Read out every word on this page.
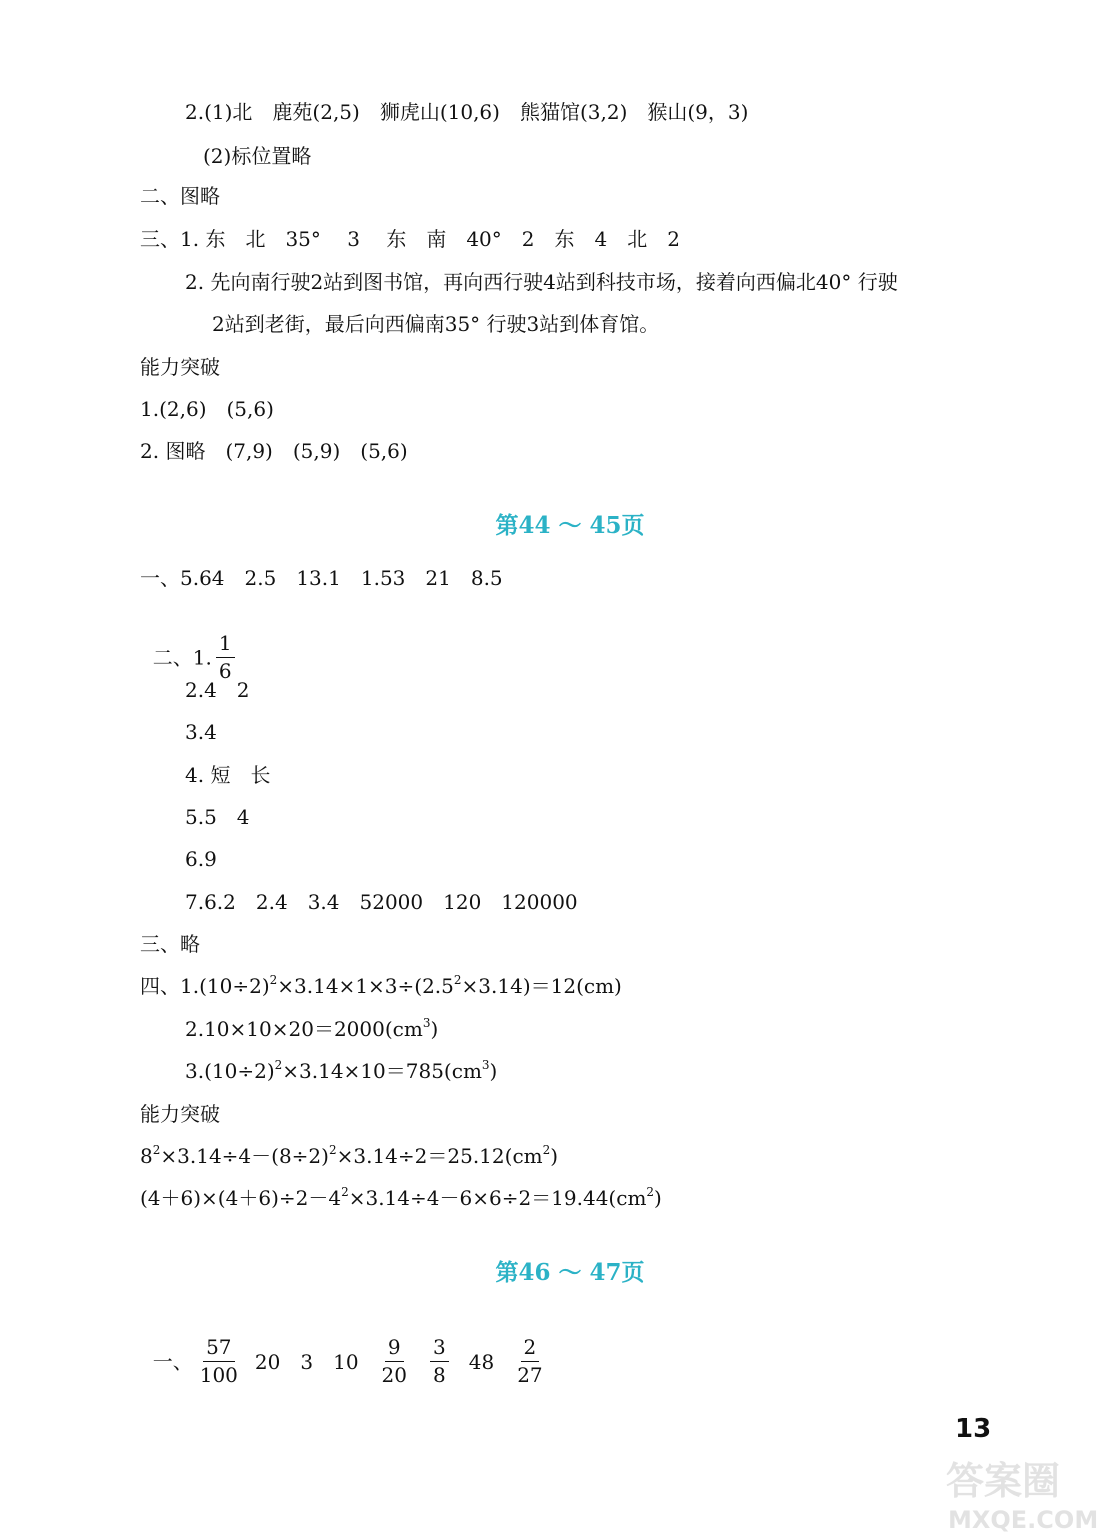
2.(1)北　鹿苑(2,5)　狮虎山(10,6)　熊猫馆(3,2)　猴山(9，3)
(2)标位置略
二、图略
三、1. 东　北　35°　 3　 东　南　40°　2　东　4　北　2
2. 先向南行驶2站到图书馆，再向西行驶4站到科技市场，接着向西偏北40° 行驶
2站到老街，最后向西偏南35° 行驶3站到体育馆。
能力突破
1.(2,6)　(5,6)
2. 图略　(7,9)　(5,9)　(5,6)
第44 ～ 45页
一、5.64　2.5　13.1　1.53　21　8.5

二、1. $\frac{1}{6}$

2.4　2
3.4
4. 短　长
5.5　4
6.9
7.6.2　2.4　3.4　52000　120　120000
三、略
四、$1.(10\div 2)^2\times 3.14\times 1\times 3\div(2.5^2\times 3.14)=12(cm)$
$2.10\times 10\times 20=2000(cm^3)$
$3.(10\div 2)^2\times 3.14\times 10=785(cm^3)$
能力突破
$8^2\times 3.14\div 4-(8\div 2)^2\times 3.14\div 2=25.12(cm^2)$
$(4+6)\times(4+6)\div 2-4^2\times 3.14\div 4-6\times 6\div 2=19.44(cm^2)$
第46 ～ 47页

一、 $\frac{57}{100} 20$ 3 $10 \frac{9}{20} \frac{3}{8} 48 \frac{2}{27}$

13
答案圈
MXQE.COM
